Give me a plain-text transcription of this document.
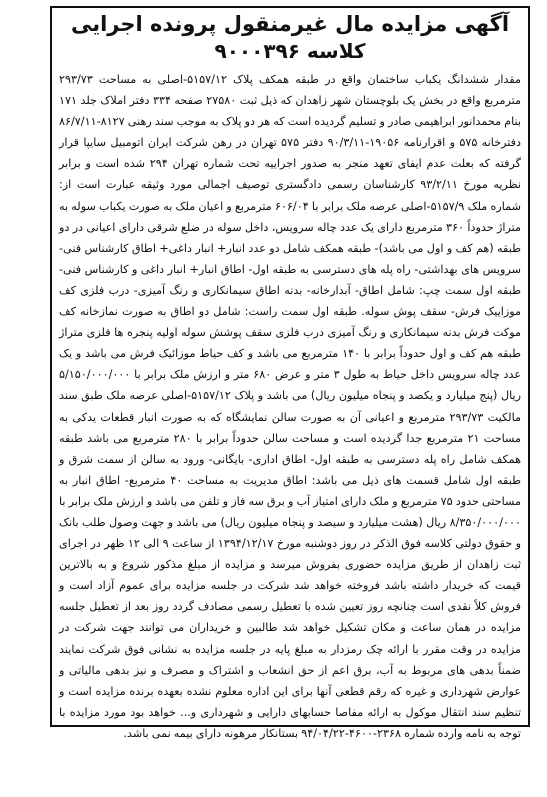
آگهی مزایده مال غیرمنقول پرونده اجرایی
کلاسه ۹۰۰۰۳۹۶

مقدار ششدانگ یکباب ساختمان واقع در طبقه همکف پلاک ۵۱۵۷/۱۲-اصلی به مساحت ۲۹۳/۷۳ مترمربع واقع در بخش یک بلوچستان شهر زاهدان که ذیل ثبت ۲۷۵۸۰ صفحه ۳۳۴ دفتر املاک جلد ۱۷۱ بنام محمدانور ابراهیمی صادر و تسلیم گردیده است که هر دو پلاک به موجب سند رهنی ۸۱۲۷-۸۶/۷/۱۱ دفترخانه ۵۷۵ و اقرارنامه ۱۹۰۵۶-۹۰/۳/۱۱ دفتر ۵۷۵ تهران در رهن شرکت ایران اتومبیل سایپا قرار گرفته که بعلت عدم ایفای تعهد منجر به صدور اجراییه تحت شماره تهران ۲۹۴ شده است و برابر نظریه مورخ ۹۳/۲/۱۱ کارشناسان رسمی دادگستری توصیف اجمالی مورد وثیقه عبارت است از: شماره ملک ۵۱۵۷/۹-اصلی عرصه ملک برابر با ۶۰۶/۰۴ مترمربع و اعیان ملک به صورت یکباب سوله به متراژ حدوداً ۳۶۰ مترمربع دارای یک عدد چاله سرویس، داخل سوله در ضلع شرقی دارای اعیانی در دو طبقه (هم کف و اول می باشد)- طبقه همکف شامل دو عدد انبار+ انبار داغی+ اطاق کارشناس فنی- سرویس های بهداشتی- راه پله های دسترسی به طبقه اول- اطاق انبار+ انبار داغی و کارشناس فنی- طبقه اول سمت چپ: شامل اطاق- آبدارخانه- بدنه اطاق سیمانکاری و رنگ آمیزی- درب فلزی کف موزاییک فرش- سقف پوش سوله. طبقه اول سمت راست: شامل دو اطاق به صورت نمازخانه کف موکت فرش بدنه سیمانکاری و رنگ آمیزی درب فلزی سقف پوشش سوله اولیه پنجره ها فلزی متراژ طبقه هم کف و اول حدوداً برابر با ۱۴۰ مترمربع می باشد و کف حیاط موزائیک فرش می باشد و یک عدد چاله سرویس داخل حیاط به طول ۳ متر و عرض ۶۸۰ متر و ارزش ملک برابر با ۵/۱۵۰/۰۰۰/۰۰۰ ریال (پنج میلیارد و یکصد و پنجاه میلیون ریال) می باشد و پلاک ۵۱۵۷/۱۲-اصلی عرصه ملک طبق سند مالکیت ۲۹۳/۷۳ مترمربع و اعیانی آن به صورت سالن نمایشگاه که به صورت انبار قطعات یدکی به مساحت ۲۱ مترمربع جدا گردیده است و مساحت سالن حدوداً برابر با ۲۸۰ مترمربع می باشد طبقه همکف شامل راه پله دسترسی به طبقه اول- اطاق اداری- بایگانی- ورود به سالن از سمت شرق و طبقه اول شامل قسمت های ذیل می باشد: اطاق مدیریت به مساحت ۴۰ مترمربع- اطاق انبار به مساحتی حدود ۷۵ مترمربع و ملک دارای امتیاز آب و برق سه فاز و تلفن می باشد و ارزش ملک برابر با ۸/۳۵۰/۰۰۰/۰۰۰ ریال (هشت میلیارد و سیصد و پنجاه میلیون ریال) می باشد و جهت وصول طلب بانک و حقوق دولتی کلاسه فوق الذکر در روز دوشنبه مورخ ۱۳۹۴/۱۲/۱۷ از ساعت ۹ الی ۱۲ ظهر در اجرای ثبت زاهدان از طریق مزایده حضوری بفروش میرسد و مزایده از مبلغ مذکور شروع و به بالاترین قیمت که خریدار داشته باشد فروخته خواهد شد شرکت در جلسه مزایده برای عموم آزاد است و فروش کلاً نقدی است چنانچه روز تعیین شده با تعطیل رسمی مصادف گردد روز بعد از تعطیل جلسه مزایده در همان ساعت و مکان تشکیل خواهد شد طالبین و خریداران می توانند جهت شرکت در مزایده در وقت مقرر با ارائه چک رمزدار به مبلغ پایه در جلسه مزایده به نشانی فوق شرکت نمایند ضمناً بدهی های مربوط به آب، برق اعم از حق انشعاب و اشتراک و مصرف و نیز بدهی مالیاتی و عوارض شهرداری و غیره که رقم قطعی آنها برای این اداره معلوم نشده بعهده برنده مزایده است و تنظیم سند انتقال موکول به ارائه مفاصا حسابهای دارایی و شهرداری و... خواهد بود مورد مزایده با توجه به نامه وارده شماره ۲۳۶۸-۴۶۰۰-۹۴/۰۴/۲۲ بستانکار مرهونه دارای بیمه نمی باشد.
